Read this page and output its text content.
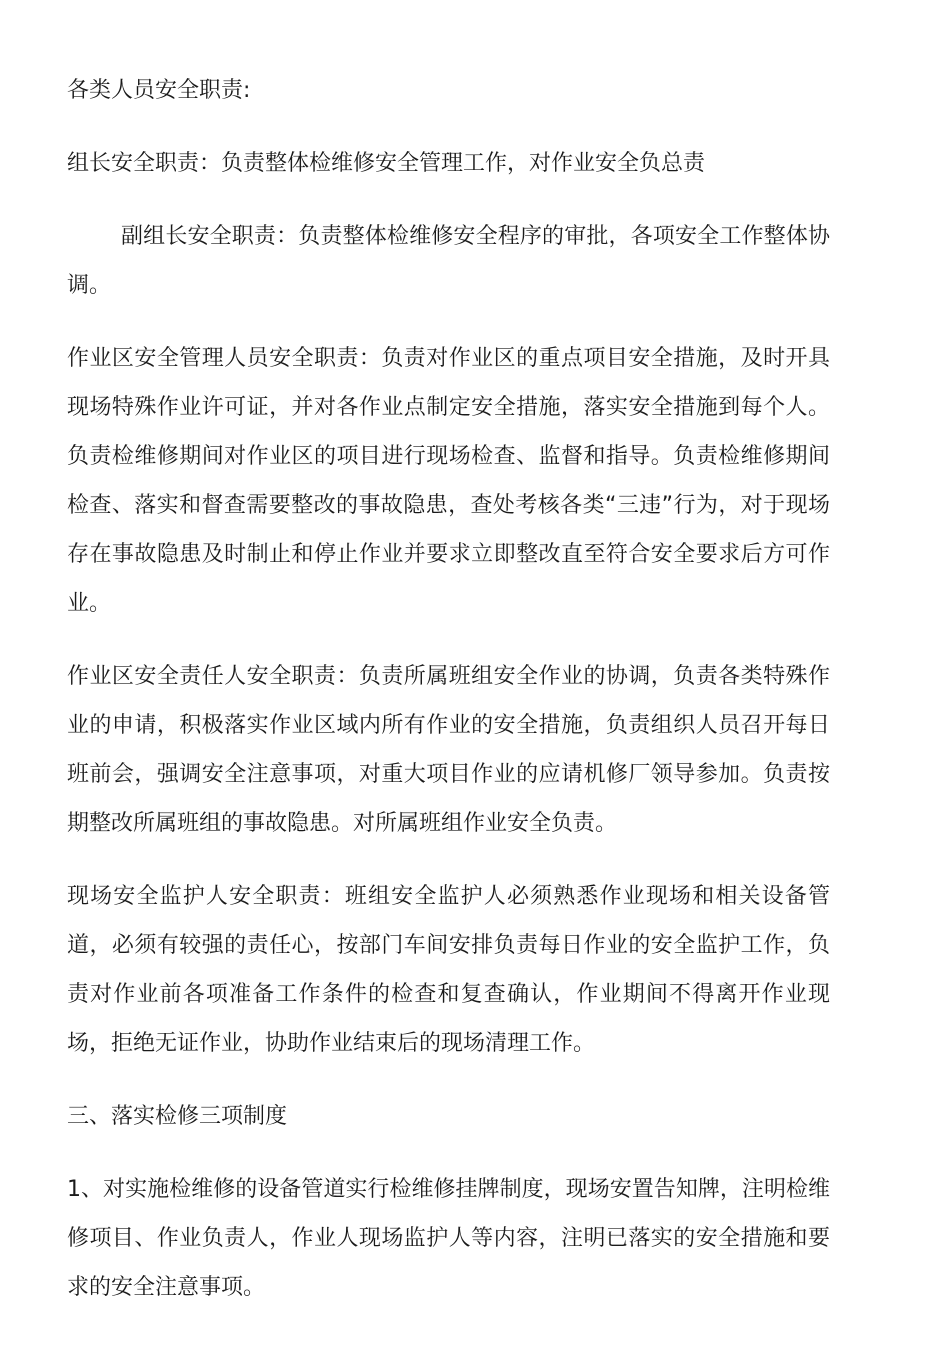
各类人员安全职责:

组长安全职责：负责整体检维修安全管理工作，对作业安全负总责

副组长安全职责：负责整体检维修安全程序的审批，各项安全工作整体协调。

作业区安全管理人员安全职责：负责对作业区的重点项目安全措施，及时开具现场特殊作业许可证，并对各作业点制定安全措施，落实安全措施到每个人。负责检维修期间对作业区的项目进行现场检查、监督和指导。负责检维修期间检查、落实和督查需要整改的事故隐患，查处考核各类“三违”行为，对于现场存在事故隐患及时制止和停止作业并要求立即整改直至符合安全要求后方可作业。

作业区安全责任人安全职责：负责所属班组安全作业的协调，负责各类特殊作业的申请，积极落实作业区域内所有作业的安全措施，负责组织人员召开每日班前会，强调安全注意事项，对重大项目作业的应请机修厂领导参加。负责按期整改所属班组的事故隐患。对所属班组作业安全负责。

现场安全监护人安全职责：班组安全监护人必须熟悉作业现场和相关设备管道，必须有较强的责任心，按部门车间安排负责每日作业的安全监护工作，负责对作业前各项准备工作条件的检查和复查确认，作业期间不得离开作业现场，拒绝无证作业，协助作业结束后的现场清理工作。

三、落实检修三项制度

1、对实施检维修的设备管道实行检维修挂牌制度，现场安置告知牌，注明检维修项目、作业负责人，作业人现场监护人等内容，注明已落实的安全措施和要求的安全注意事项。
